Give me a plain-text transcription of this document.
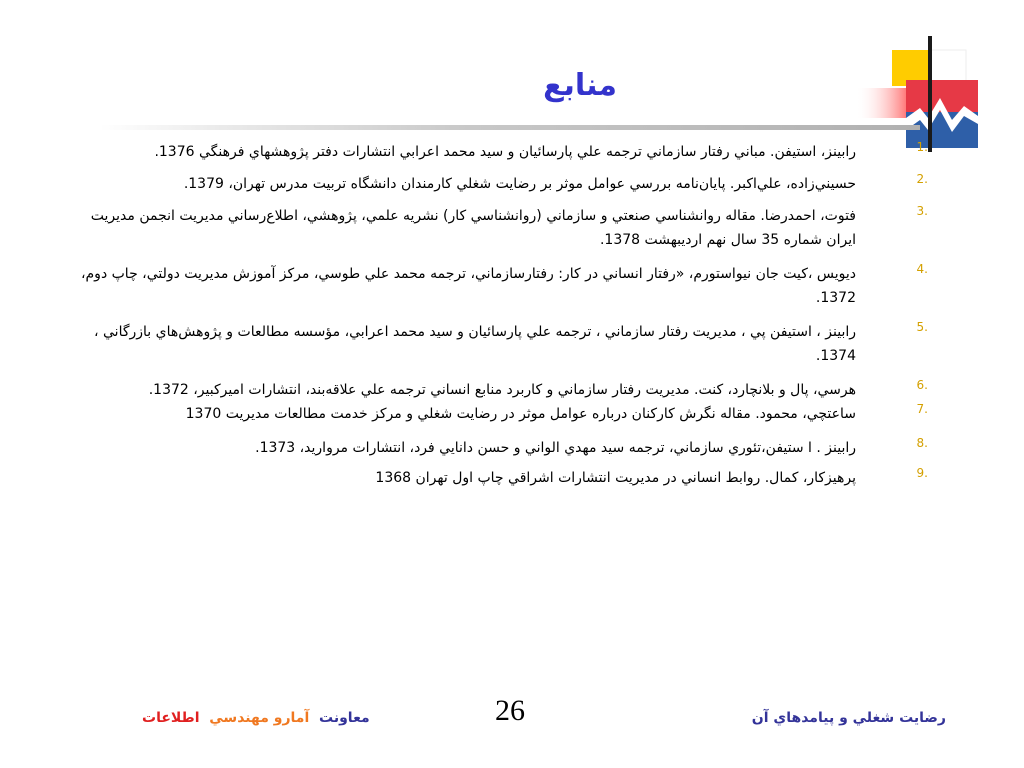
منابع
1.
رابينز، استيفن. مباني رفتار سازماني ترجمه علي پارسائيان و سيد محمد اعرابي انتشارات دفتر پژوهشهاي فرهنگي 1376.
2.
حسيني‌زاده، علي‌اكبر. پايان‌نامه بررسي عوامل موثر بر رضايت شغلي كارمندان دانشگاه تربيت مدرس تهران، 1379.
3.
فتوت، احمدرضا. مقاله روانشناسي صنعتي و سازماني (روانشناسي كار) نشريه علمي، پژوهشي، اطلاع‌رساني مديريت انجمن مديريت ايران شماره 35 سال نهم ارديبهشت 1378.
4.
ديويس ،كيت جان نيواستورم، «رفتار انساني در كار: رفتارسازماني، ترجمه محمد علي طوسي، مركز آموزش مديريت دولتي، چاپ دوم، 1372.
5.
رابينز ، استيفن پي ، مديريت رفتار سازماني ، ترجمه علي پارسائيان و سيد محمد اعرابي، مؤسسه مطالعات و پژوهش‌هاي بازرگاني ، 1374.
6.
هرسي، پال و بلانچارد، كنت. مديريت رفتار سازماني و كاربرد منابع انساني ترجمه علي علاقه‌بند، انتشارات اميركبير، 1372.
7.
ساعتچي، محمود. مقاله نگرش كاركنان درباره عوامل موثر در رضايت شغلي و مركز خدمت مطالعات مديريت 1370
8.
رابينز . ا ستيفن،تئوري سازماني، ترجمه سيد مهدي الواني و حسن دانايي فرد، انتشارات مرواريد، 1373.
9.
پرهيزكار، كمال. روابط انساني در مديريت انتشارات اشراقي چاپ اول تهران 1368
معاونت  آمارو مهندسي  اطلاعات	26	رضايت شغلي و پيامدهاي آن
